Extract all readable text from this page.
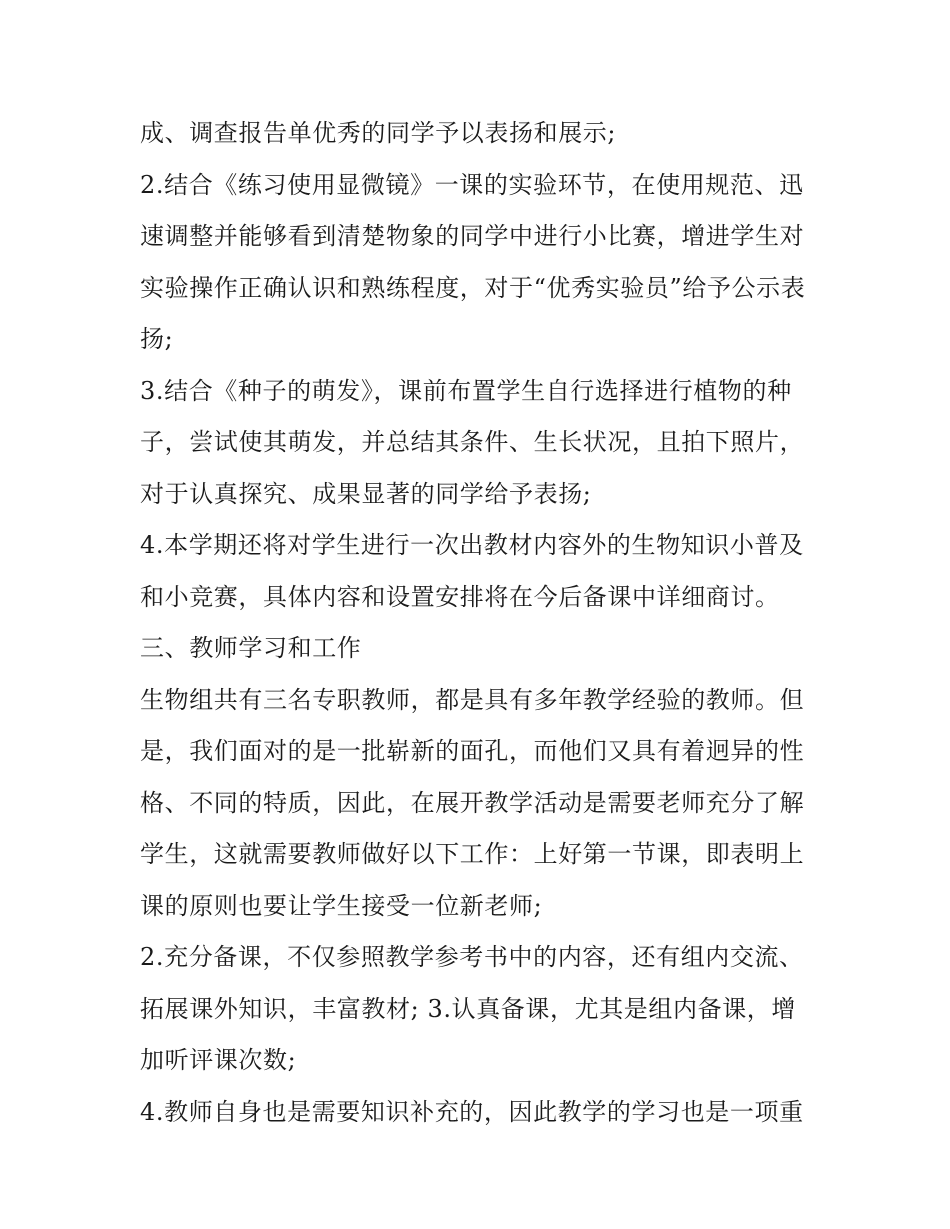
成、调查报告单优秀的同学予以表扬和展示;

2.结合《练习使用显微镜》一课的实验环节，在使用规范、迅

速调整并能够看到清楚物象的同学中进行小比赛，增进学生对

实验操作正确认识和熟练程度，对于“优秀实验员”给予公示表

扬;

3.结合《种子的萌发》，课前布置学生自行选择进行植物的种

子，尝试使其萌发，并总结其条件、生长状况，且拍下照片，

对于认真探究、成果显著的同学给予表扬;

4.本学期还将对学生进行一次出教材内容外的生物知识小普及

和小竞赛，具体内容和设置安排将在今后备课中详细商讨。

三、教师学习和工作

生物组共有三名专职教师，都是具有多年教学经验的教师。但

是，我们面对的是一批崭新的面孔，而他们又具有着迥异的性

格、不同的特质，因此，在展开教学活动是需要老师充分了解

学生，这就需要教师做好以下工作：上好第一节课，即表明上

课的原则也要让学生接受一位新老师;

2.充分备课，不仅参照教学参考书中的内容，还有组内交流、

拓展课外知识，丰富教材; 3.认真备课，尤其是组内备课，增

加听评课次数;

4.教师自身也是需要知识补充的，因此教学的学习也是一项重
